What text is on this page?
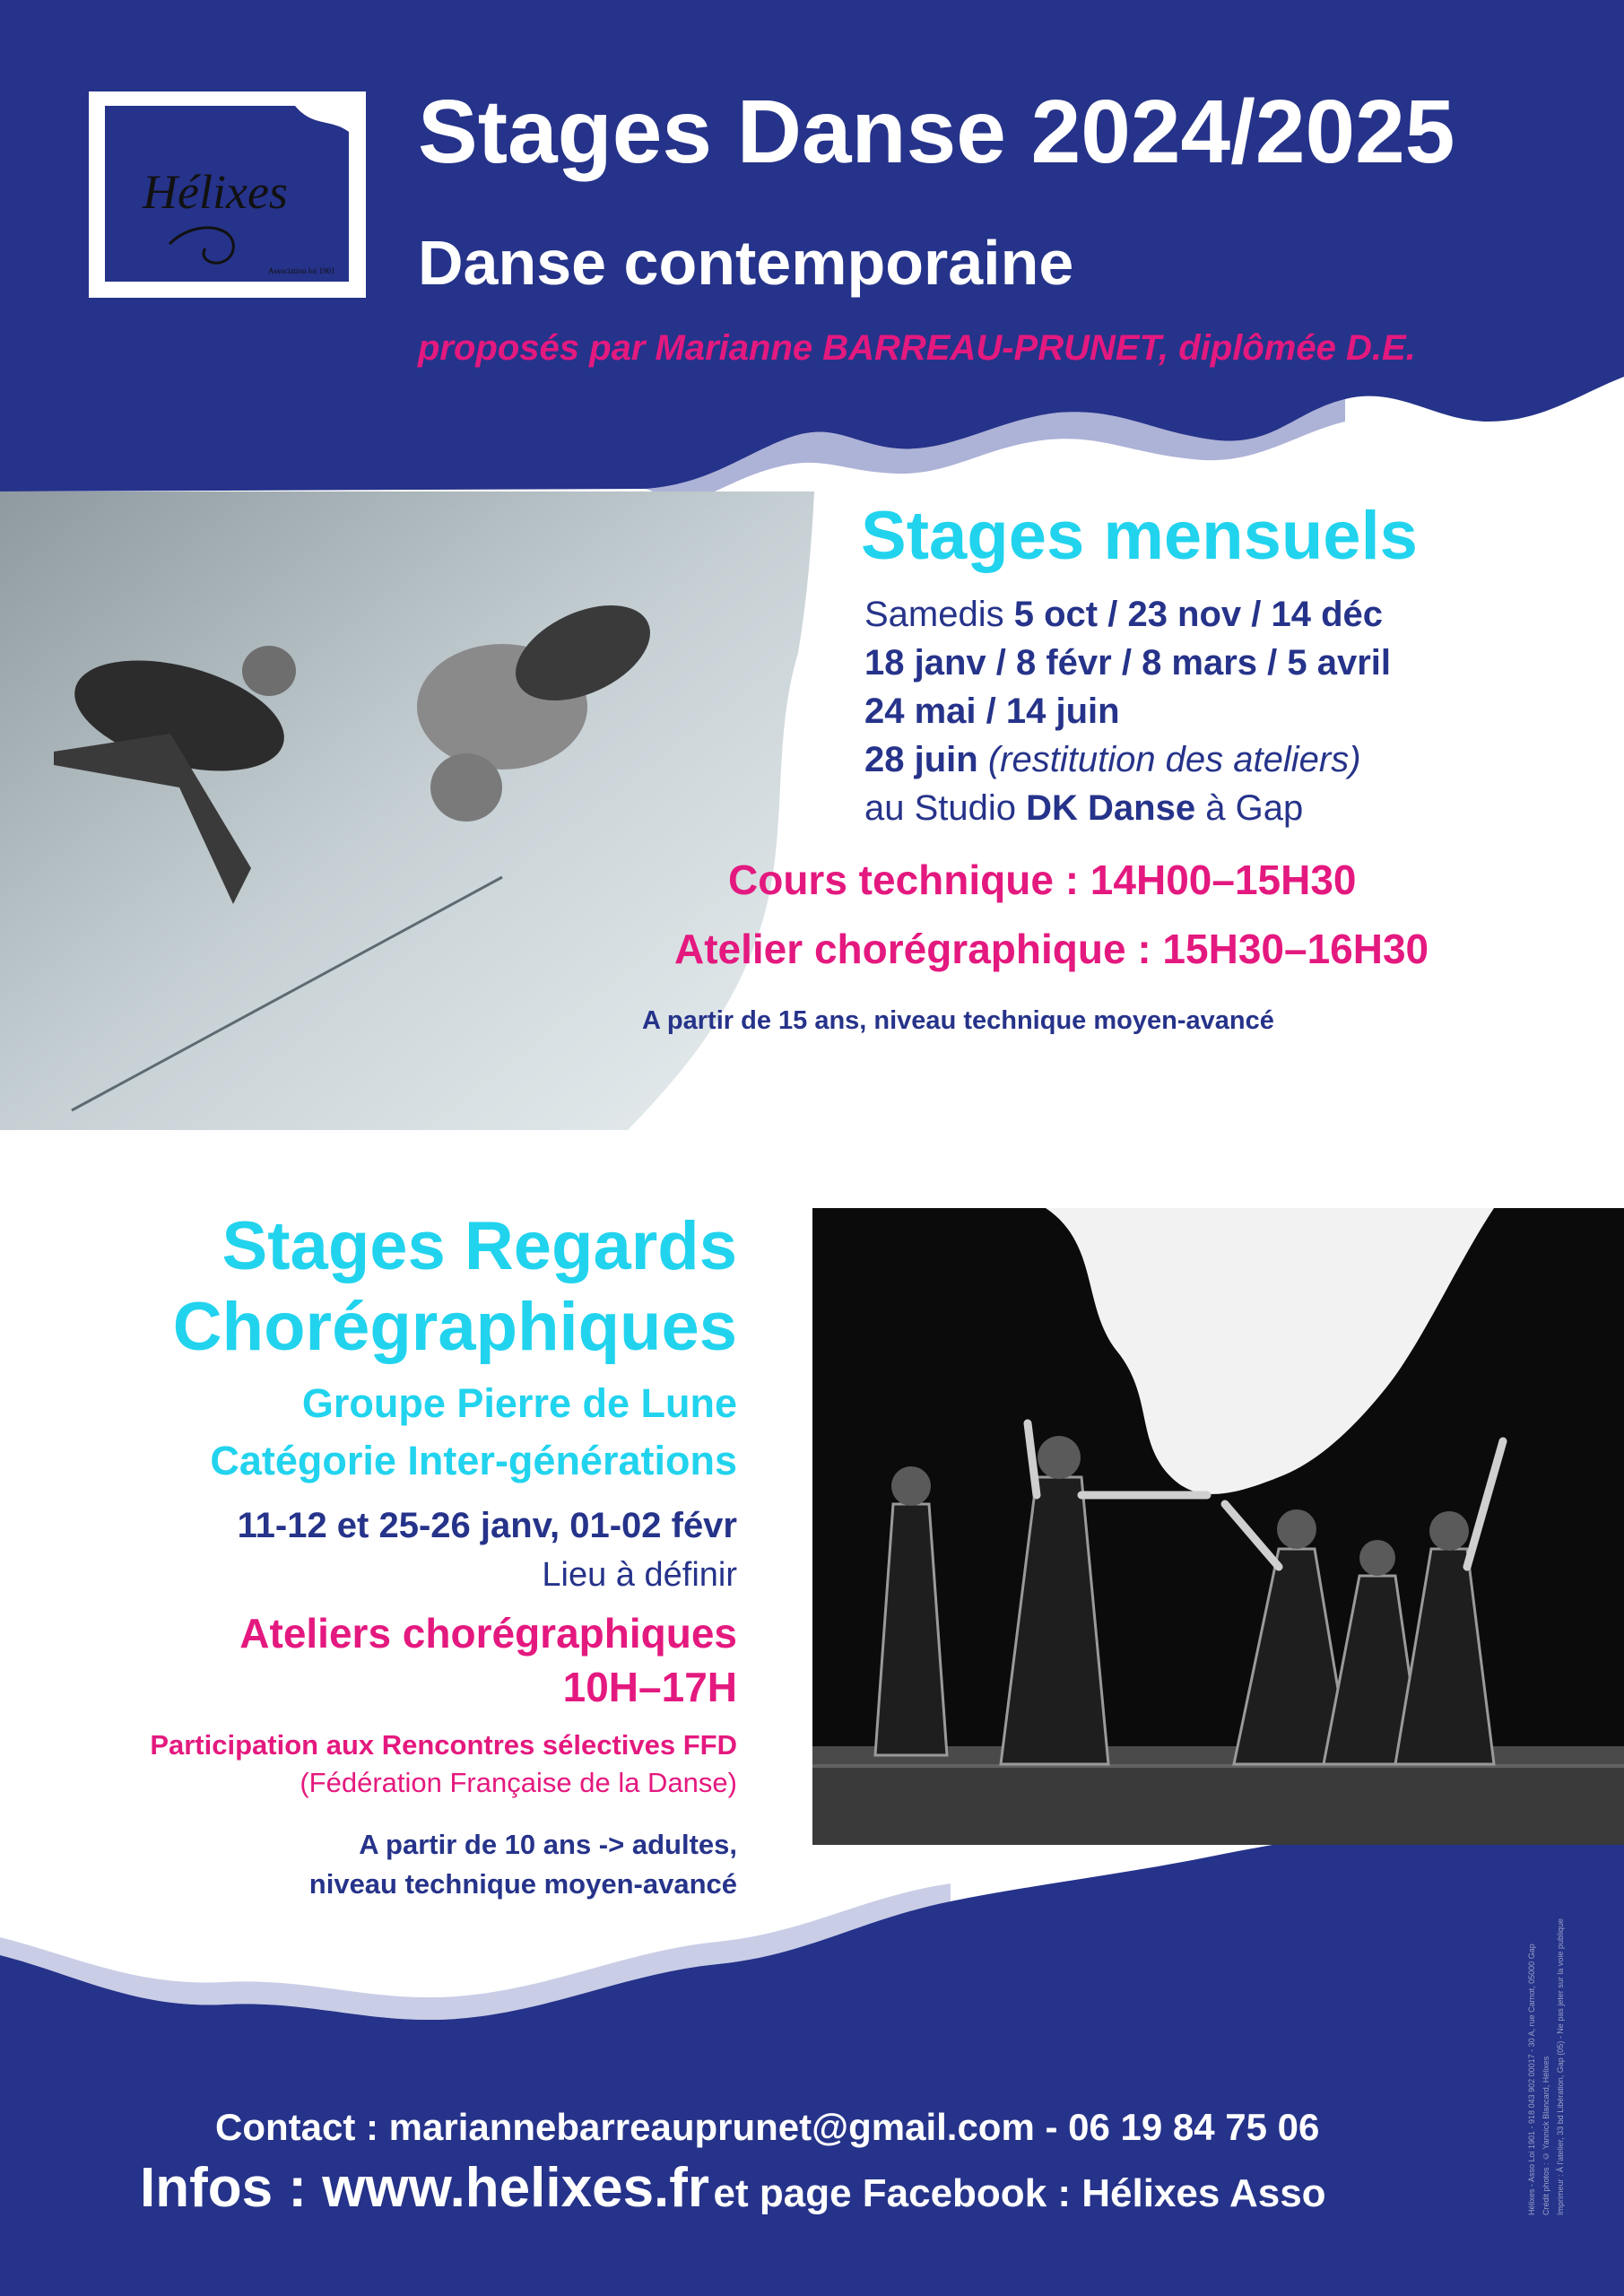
Hélixes
Association loi 1901
Stages Danse 2024/2025
Danse contemporaine
proposés par Marianne BARREAU-PRUNET, diplômée D.E.
Stages mensuels
Samedis 5 oct / 23 nov / 14 déc
18 janv / 8 févr / 8 mars / 5 avril
24 mai / 14 juin
28 juin (restitution des ateliers)
au Studio DK Danse à Gap
Cours technique : 14H00–15H30
Atelier chorégraphique : 15H30–16H30
A partir de 15 ans, niveau technique moyen-avancé
Stages Regards
Chorégraphiques
Groupe Pierre de Lune
Catégorie Inter-générations
11-12 et 25-26 janv, 01-02 févr
Lieu à définir
Ateliers chorégraphiques
10H–17H
Participation aux Rencontres sélectives FFD
(Fédération Française de la Danse)
A partir de 10 ans -> adultes,
niveau technique moyen-avancé
Hélixes - Asso Loi 1901 - 918 043 902 00017 - 30 A, rue Carnot, 05000 Gap Crédit photos : © Yannick Blancard, Hélixes Imprimeur : À l'atelier, 33 bd Libération, Gap (05) - Ne pas jeter sur la voie publique
Contact : mariannebarreauprunet@gmail.com - 06 19 84 75 06
Infos : www.helixes.fr et page Facebook : Hélixes Asso
